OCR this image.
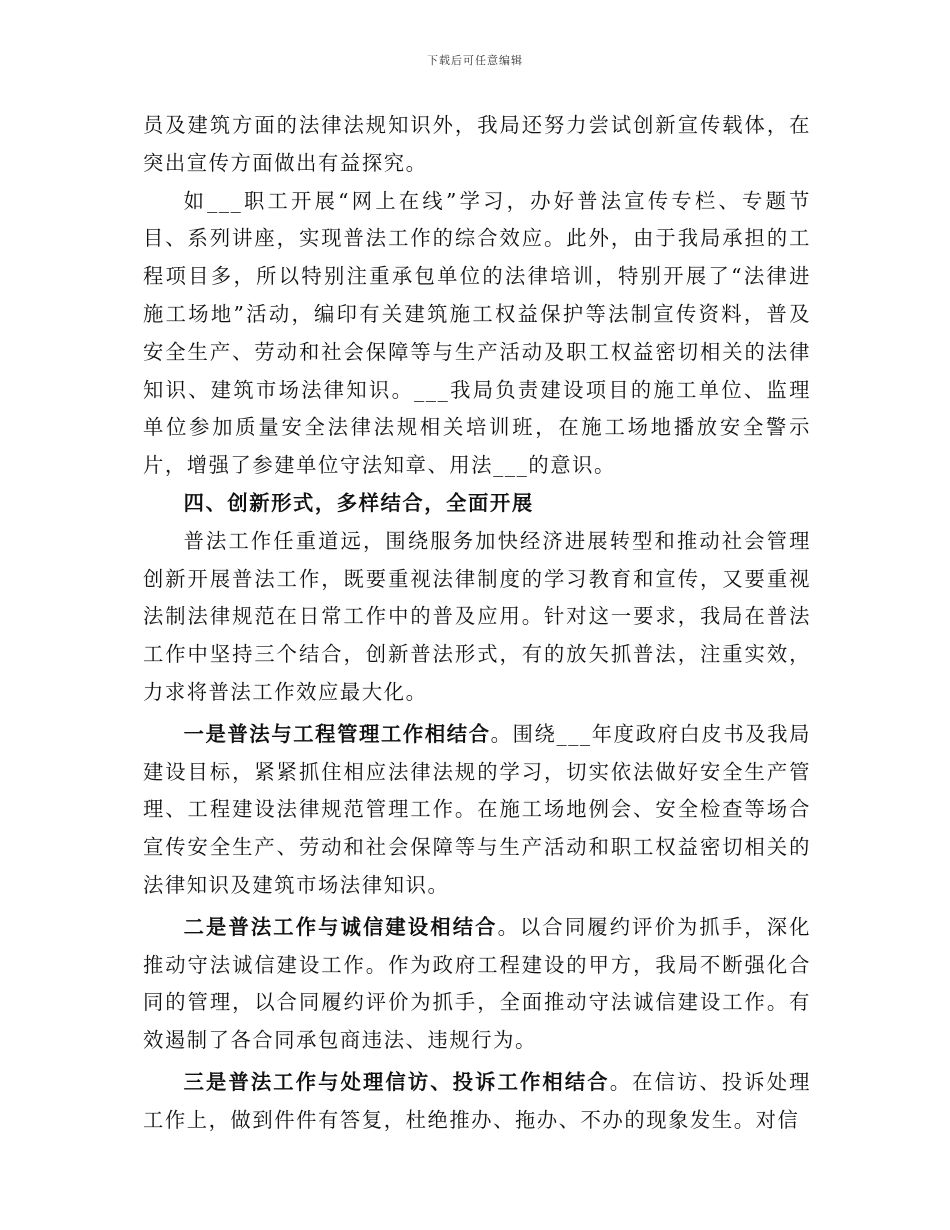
下载后可任意编辑

员及建筑方面的法律法规知识外，我局还努力尝试创新宣传载体，在突出宣传方面做出有益探究。

如___职工开展“网上在线”学习，办好普法宣传专栏、专题节目、系列讲座，实现普法工作的综合效应。此外，由于我局承担的工程项目多，所以特别注重承包单位的法律培训，特别开展了“法律进施工场地”活动，编印有关建筑施工权益保护等法制宣传资料，普及安全生产、劳动和社会保障等与生产活动及职工权益密切相关的法律知识、建筑市场法律知识。___我局负责建设项目的施工单位、监理单位参加质量安全法律法规相关培训班，在施工场地播放安全警示片，增强了参建单位守法知章、用法___的意识。

四、创新形式，多样结合，全面开展

普法工作任重道远，围绕服务加快经济进展转型和推动社会管理创新开展普法工作，既要重视法律制度的学习教育和宣传，又要重视法制法律规范在日常工作中的普及应用。针对这一要求，我局在普法工作中坚持三个结合，创新普法形式，有的放矢抓普法，注重实效，力求将普法工作效应最大化。

一是普法与工程管理工作相结合。围绕___年度政府白皮书及我局建设目标，紧紧抓住相应法律法规的学习，切实依法做好安全生产管理、工程建设法律规范管理工作。在施工场地例会、安全检查等场合宣传安全生产、劳动和社会保障等与生产活动和职工权益密切相关的法律知识及建筑市场法律知识。

二是普法工作与诚信建设相结合。以合同履约评价为抓手，深化推动守法诚信建设工作。作为政府工程建设的甲方，我局不断强化合同的管理，以合同履约评价为抓手，全面推动守法诚信建设工作。有效遏制了各合同承包商违法、违规行为。

三是普法工作与处理信访、投诉工作相结合。在信访、投诉处理工作上，做到件件有答复，杜绝推办、拖办、不办的现象发生。对信
